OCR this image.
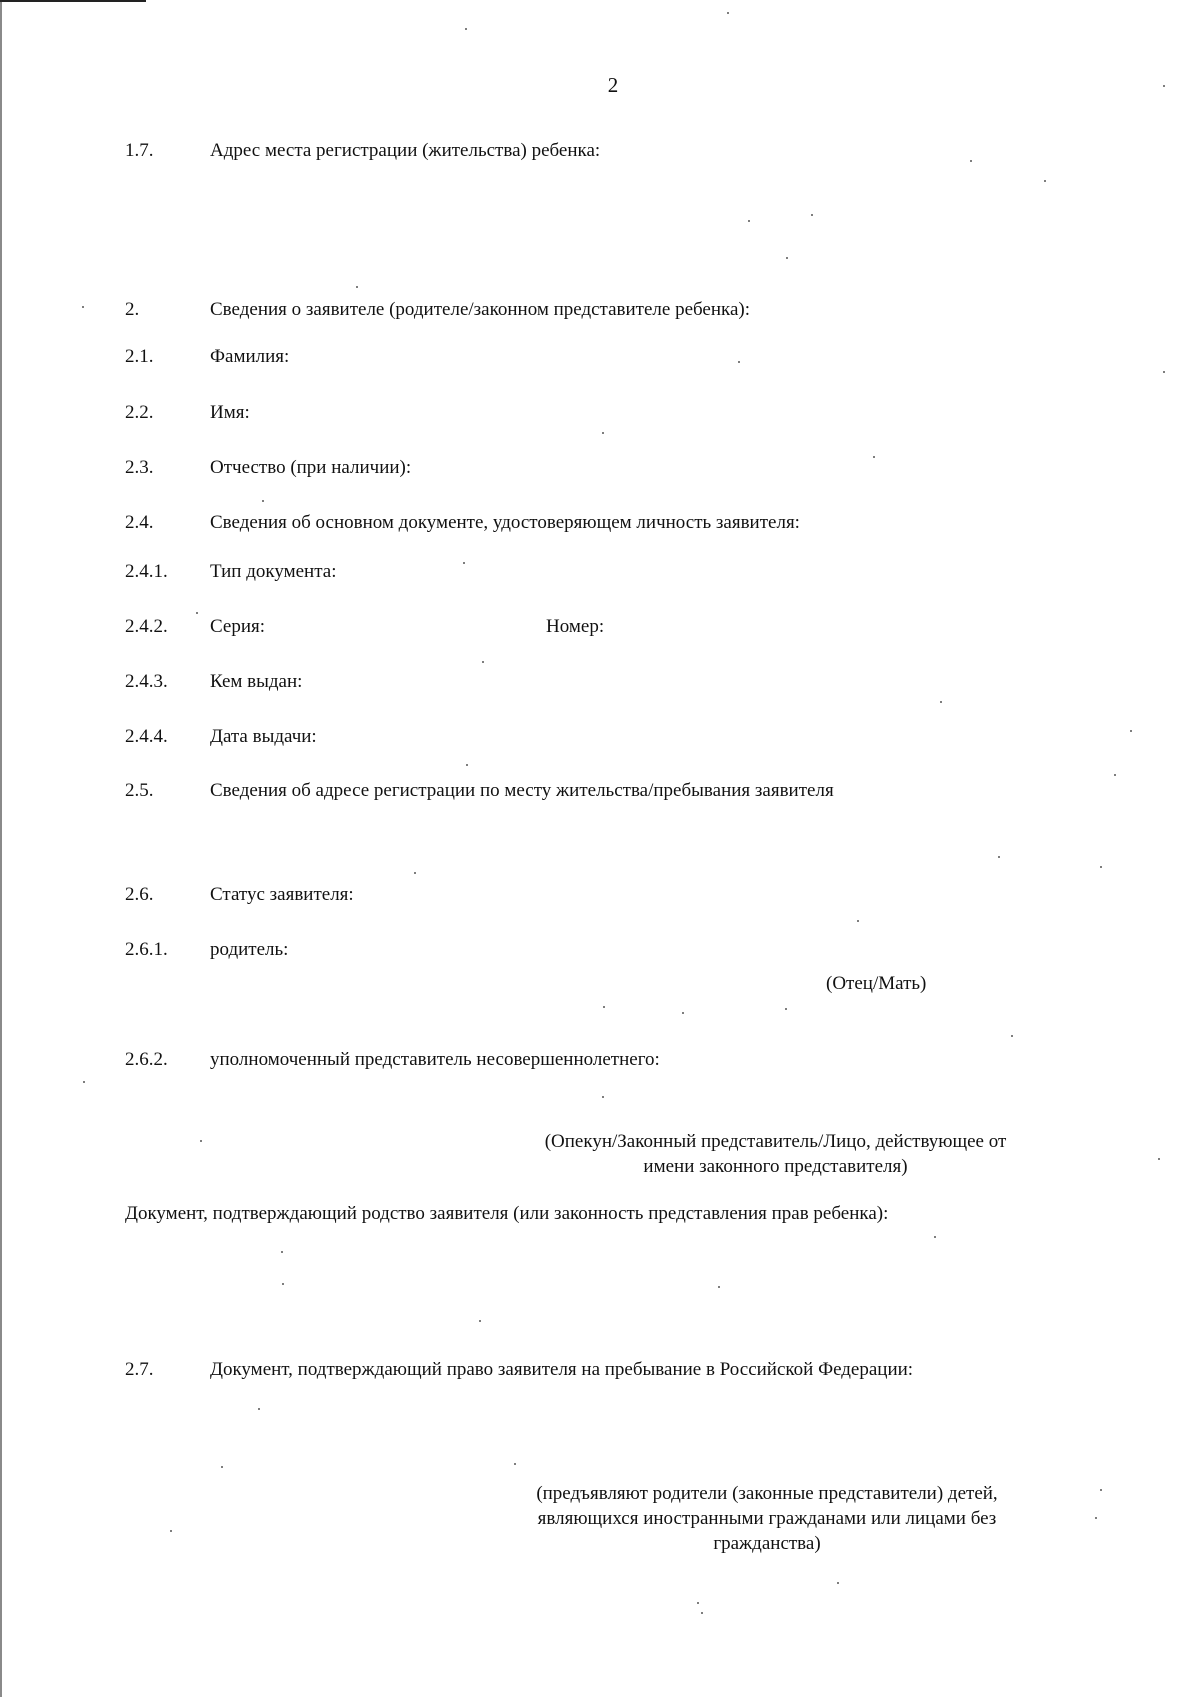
2
1.7.	Адрес места регистрации (жительства) ребенка:
2.	Сведения о заявителе (родителе/законном представителе ребенка):
2.1.	Фамилия:
2.2.	Имя:
2.3.	Отчество (при наличии):
2.4.	Сведения об основном документе, удостоверяющем личность заявителя:
2.4.1. Тип документа:
2.4.2. Серия:	Номер:
2.4.3. Кем выдан:
2.4.4. Дата выдачи:
2.5.	Сведения об адресе регистрации по месту жительства/пребывания заявителя
2.6.	Статус заявителя:
2.6.1. родитель:
(Отец/Мать)
2.6.2. уполномоченный представитель несовершеннолетнего:
(Опекун/Законный представитель/Лицо, действующее от
имени законного представителя)
Документ, подтверждающий родство заявителя (или законность представления прав ребенка):
2.7.	Документ, подтверждающий право заявителя на пребывание в Российской Федерации:
(предъявляют родители (законные представители) детей,
являющихся иностранными гражданами или лицами без
гражданства)
